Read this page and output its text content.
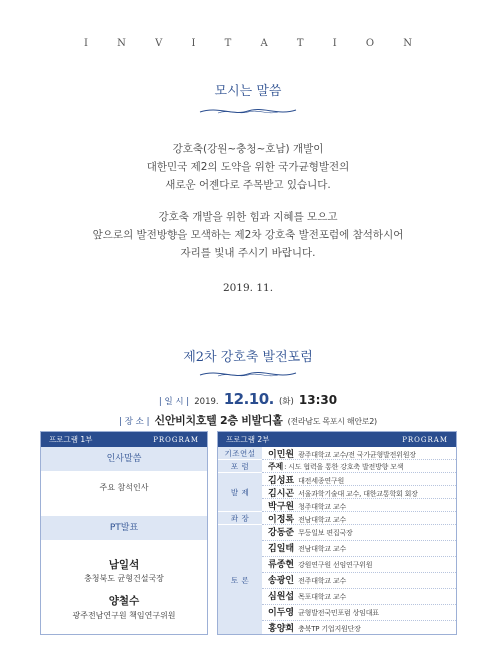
I N V I T A T I O N
모시는 말씀
강호축(강원~충청~호남) 개발이
대한민국 제2의 도약을 위한 국가균형발전의
새로운 어젠다로 주목받고 있습니다.
강호축 개발을 위한 힘과 지혜를 모으고
앞으로의 발전방향을 모색하는 제2차 강호축 발전포럼에 참석하시어
자리를 빛내 주시기 바랍니다.
2019. 11.
제2차 강호축 발전포럼
| 일 시 | 2019. 12.10. (화) 13:30
| 장 소 | 신안비치호텔 2층 비발디홀 (전라남도 목포시 해안로2)
프로그램 1부	PROGRAM
인사말씀
주요 참석인사
PT발표
남일석
충청북도 균형건설국장
양철수
광주전남연구원 책임연구위원
프로그램 2부	PROGRAM
기조연설
포 럼
발 제
좌 장
토 론
이민원 광주대학교 교수/전 국가균형발전위원장
주제 : 시도 협력을 통한 강호축 발전방향 모색
김성표 대전세종연구원
김시곤 서울과학기술대 교수, 대한교통학회 회장
박구원 청주대학교 교수
이정록 전남대학교 교수
강동준 무등일보 편집국장
김일태 전남대학교 교수
류종현 강원연구원 선임연구위원
송광인 전주대학교 교수
심원섭 목포대학교 교수
이두영 균형발전국민포럼 상임대표
홍양희 충북TP 기업지원단장
